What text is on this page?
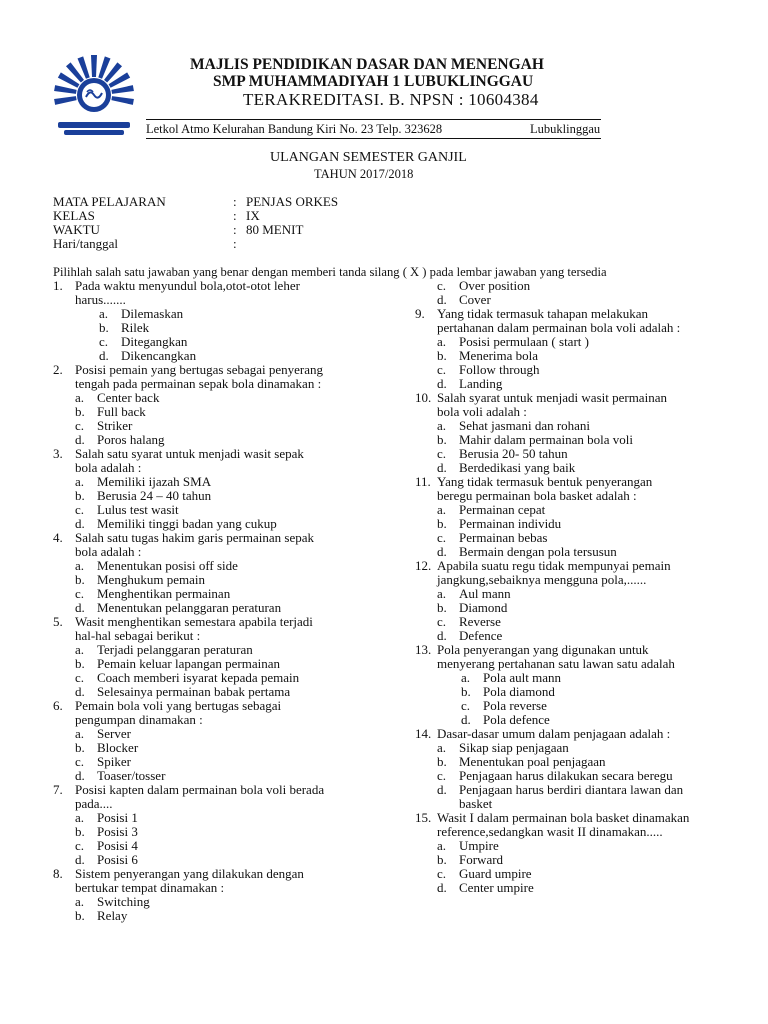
MAJLIS PENDIDIKAN DASAR DAN MENENGAH
SMP MUHAMMADIYAH 1 LUBUKLINGGAU
TERAKREDITASI. B. NPSN : 10604384
Letkol Atmo Kelurahan Bandung Kiri No. 23 Telp. 323628	Lubuklinggau
ULANGAN SEMESTER GANJIL
TAHUN 2017/2018
MATA PELAJARAN	: PENJAS ORKES
KELAS	: IX
WAKTU	: 80 MENIT
Hari/tanggal	:
Pilihlah salah satu jawaban yang benar dengan memberi tanda silang ( X ) pada lembar jawaban yang tersedia
1. Pada waktu menyundul bola,otot-otot leher
harus.......
a. Dilemaskan
b. Rilek
c. Ditegangkan
d. Dikencangkan
2. Posisi pemain yang bertugas sebagai penyerang
tengah pada permainan sepak bola dinamakan :
a. Center back
b. Full back
c. Striker
d. Poros halang
3. Salah satu syarat untuk menjadi wasit sepak
bola adalah :
a. Memiliki ijazah SMA
b. Berusia 24 – 40 tahun
c. Lulus test wasit
d. Memiliki tinggi badan yang cukup
4. Salah satu tugas hakim garis permainan sepak
bola adalah :
a. Menentukan posisi off side
b. Menghukum pemain
c. Menghentikan permainan
d. Menentukan pelanggaran peraturan
5. Wasit menghentikan semestara apabila terjadi
hal-hal sebagai berikut :
a. Terjadi pelanggaran peraturan
b. Pemain keluar lapangan permainan
c. Coach memberi isyarat kepada pemain
d. Selesainya permainan babak pertama
6. Pemain bola voli yang bertugas sebagai
pengumpan dinamakan :
a. Server
b. Blocker
c. Spiker
d. Toaser/tosser
7. Posisi kapten dalam permainan bola voli berada
pada....
a. Posisi 1
b. Posisi 3
c. Posisi 4
d. Posisi 6
8. Sistem penyerangan yang dilakukan dengan
bertukar tempat dinamakan :
a. Switching
b. Relay
c. Over position
d. Cover
9. Yang tidak termasuk tahapan melakukan
pertahanan dalam permainan bola voli adalah :
a. Posisi permulaan ( start )
b. Menerima bola
c. Follow through
d. Landing
10. Salah syarat untuk menjadi wasit permainan
bola voli adalah :
a. Sehat jasmani dan rohani
b. Mahir dalam permainan bola voli
c. Berusia 20- 50 tahun
d. Berdedikasi yang baik
11. Yang tidak termasuk bentuk penyerangan
beregu permainan bola basket adalah :
a. Permainan cepat
b. Permainan individu
c. Permainan bebas
d. Bermain dengan pola tersusun
12. Apabila suatu regu tidak mempunyai pemain
jangkung,sebaiknya mengguna pola,......
a. Aul mann
b. Diamond
c. Reverse
d. Defence
13. Pola penyerangan yang digunakan untuk
menyerang pertahanan satu lawan satu adalah
a. Pola ault mann
b. Pola diamond
c. Pola reverse
d. Pola defence
14. Dasar-dasar umum dalam penjagaan adalah :
a. Sikap siap penjagaan
b. Menentukan poal penjagaan
c. Penjagaan harus dilakukan secara beregu
d. Penjagaan harus berdiri diantara lawan dan
basket
15. Wasit I dalam permainan bola basket dinamakan
reference,sedangkan wasit II dinamakan.....
a. Umpire
b. Forward
c. Guard umpire
d. Center umpire
